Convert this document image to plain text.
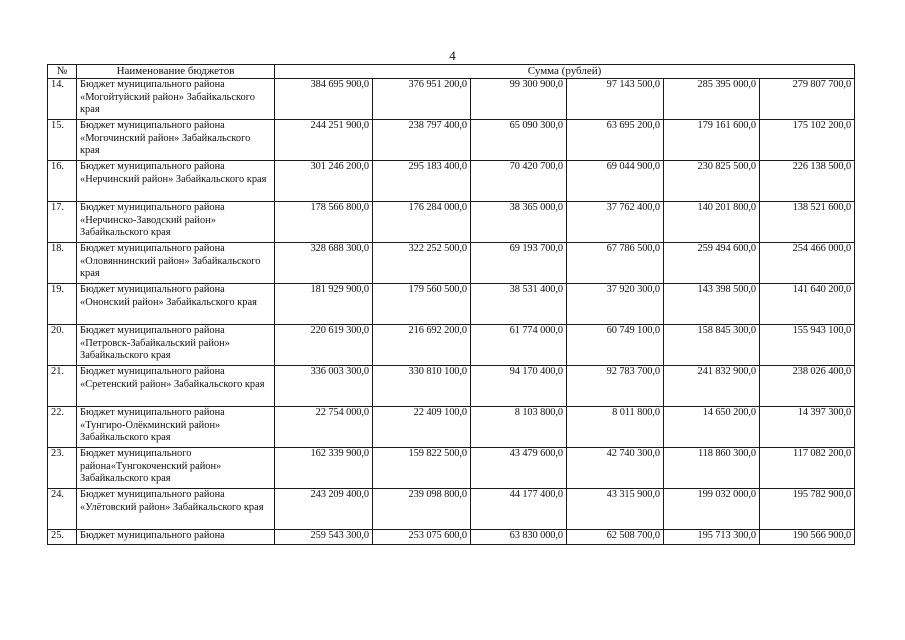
4
№	Наименование бюджетов	Сумма (рублей)					
14.	Бюджет муниципального района «Могойтуйский район» Забайкальского края	384 695 900,0	376 951 200,0	99 300 900,0	97 143 500,0	285 395 000,0	279 807 700,0
15.	Бюджет муниципального района «Могочинский район» Забайкальского края	244 251 900,0	238 797 400,0	65 090 300,0	63 695 200,0	179 161 600,0	175 102 200,0
16.	Бюджет муниципального района «Нерчинский район» Забайкальского края	301 246 200,0	295 183 400,0	70 420 700,0	69 044 900,0	230 825 500,0	226 138 500,0
17.	Бюджет муниципального района «Нерчинско-Заводский район» Забайкальского края	178 566 800,0	176 284 000,0	38 365 000,0	37 762 400,0	140 201 800,0	138 521 600,0
18.	Бюджет муниципального района «Оловяннинский район» Забайкальского края	328 688 300,0	322 252 500,0	69 193 700,0	67 786 500,0	259 494 600,0	254 466 000,0
19.	Бюджет муниципального района «Ононский район» Забайкальского края	181 929 900,0	179 560 500,0	38 531 400,0	37 920 300,0	143 398 500,0	141 640 200,0
20.	Бюджет муниципального района «Петровск-Забайкальский район» Забайкальского края	220 619 300,0	216 692 200,0	61 774 000,0	60 749 100,0	158 845 300,0	155 943 100,0
21.	Бюджет муниципального района «Сретенский район» Забайкальского края	336 003 300,0	330 810 100,0	94 170 400,0	92 783 700,0	241 832 900,0	238 026 400,0
22.	Бюджет муниципального района «Тунгиро-Олёкминский район» Забайкальского края	22 754 000,0	22 409 100,0	8 103 800,0	8 011 800,0	14 650 200,0	14 397 300,0
23.	Бюджет муниципального района«Тунгокоченский район» Забайкальского края	162 339 900,0	159 822 500,0	43 479 600,0	42 740 300,0	118 860 300,0	117 082 200,0
24.	Бюджет муниципального района «Улётовский район» Забайкальского края	243 209 400,0	239 098 800,0	44 177 400,0	43 315 900,0	199 032 000,0	195 782 900,0
25.	Бюджет муниципального района	259 543 300,0	253 075 600,0	63 830 000,0	62 508 700,0	195 713 300,0	190 566 900,0
